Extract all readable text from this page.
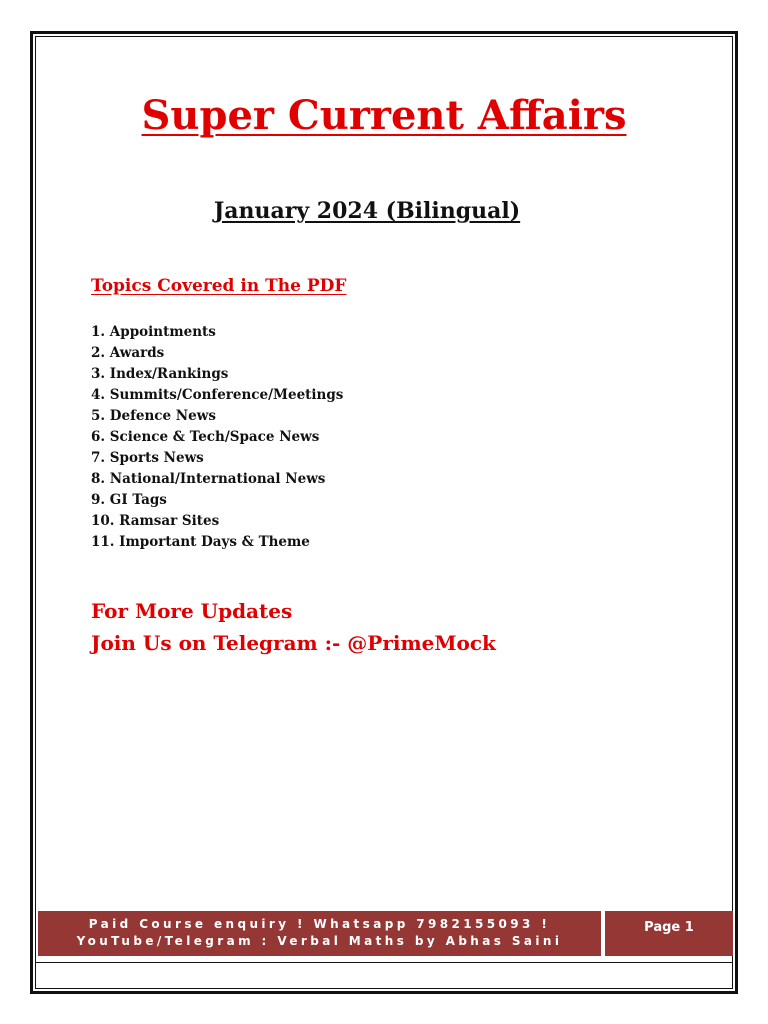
Super Current Affairs
January 2024 (Bilingual)
Topics Covered in The PDF
1. Appointments
2. Awards
3. Index/Rankings
4. Summits/Conference/Meetings
5. Defence News
6. Science & Tech/Space News
7. Sports News
8. National/International News
9. GI Tags
10. Ramsar Sites
11. Important Days & Theme
For More Updates
Join Us on Telegram :- @PrimeMock
Paid Course enquiry ! Whatsapp 7982155093 !
YouTube/Telegram : Verbal Maths by Abhas Saini
Page 1
